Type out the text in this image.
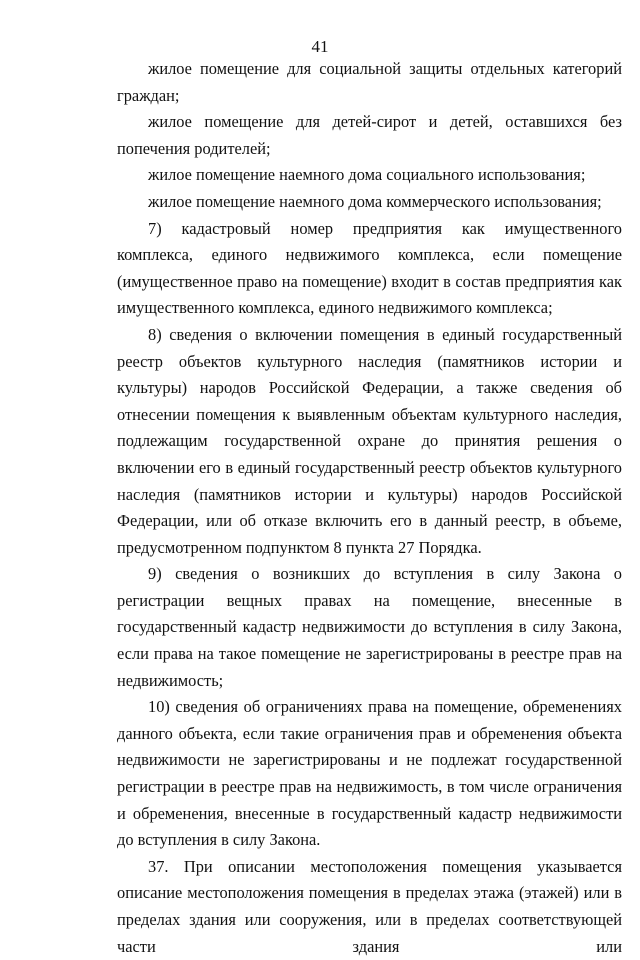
41

жилое помещение для социальной защиты отдельных категорий граждан;

жилое помещение для детей-сирот и детей, оставшихся без попечения родителей;

жилое помещение наемного дома социального использования;

жилое помещение наемного дома коммерческого использования;

7) кадастровый номер предприятия как имущественного комплекса, единого недвижимого комплекса, если помещение (имущественное право на помещение) входит в состав предприятия как имущественного комплекса, единого недвижимого комплекса;

8) сведения о включении помещения в единый государственный реестр объектов культурного наследия (памятников истории и культуры) народов Российской Федерации, а также сведения об отнесении помещения к выявленным объектам культурного наследия, подлежащим государственной охране до принятия решения о включении его в единый государственный реестр объектов культурного наследия (памятников истории и культуры) народов Российской Федерации, или об отказе включить его в данный реестр, в объеме, предусмотренном подпунктом 8 пункта 27 Порядка.

9) сведения о возникших до вступления в силу Закона о регистрации вещных правах на помещение, внесенные в государственный кадастр недвижимости до вступления в силу Закона, если права на такое помещение не зарегистрированы в реестре прав на недвижимость;

10) сведения об ограничениях права на помещение, обременениях данного объекта, если такие ограничения прав и обременения объекта недвижимости не зарегистрированы и не подлежат государственной регистрации в реестре прав на недвижимость, в том числе ограничения и обременения, внесенные в государственный кадастр недвижимости до вступления в силу Закона.

37. При описании местоположения помещения указывается описание местоположения помещения в пределах этажа (этажей) или в пределах здания или сооружения, или в пределах соответствующей части здания или
